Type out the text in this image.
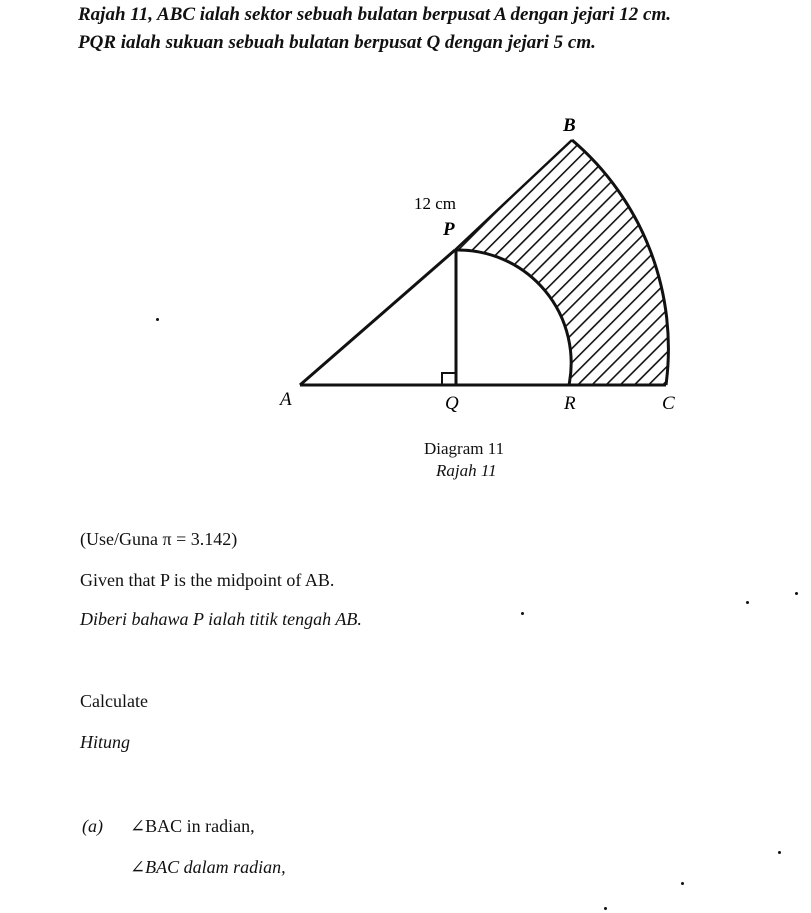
Rajah 11, ABC ialah sektor sebuah bulatan berpusat A dengan jejari 12 cm.
PQR ialah sukuan sebuah bulatan berpusat Q dengan jejari 5 cm.
B
12 cm
P
A	Q	R	C
Diagram 11
Rajah 11
(Use/Guna π = 3.142)
Given that P is the midpoint of AB.
Diberi bahawa P ialah titik tengah AB.
Calculate
Hitung
(a) ∠BAC in radian,
∠BAC dalam radian,
